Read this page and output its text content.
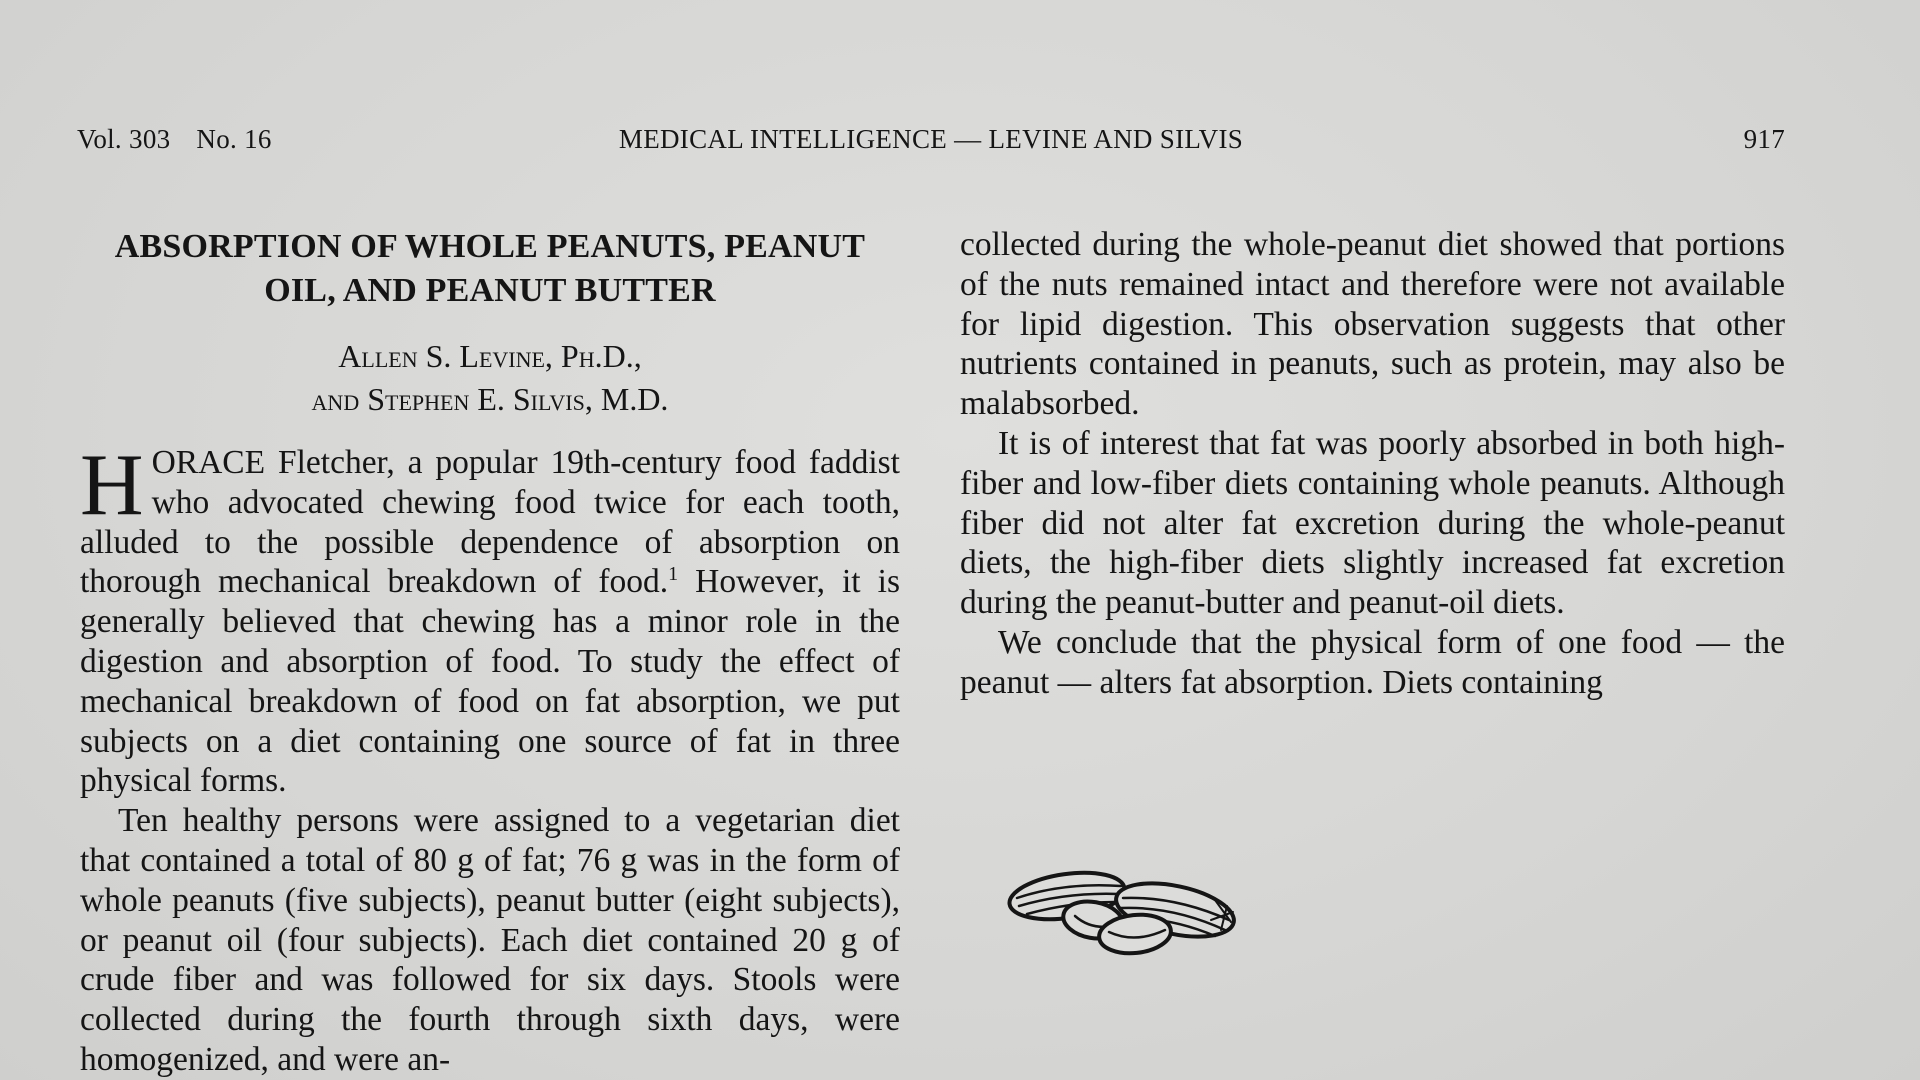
Vol. 303 No. 16	MEDICAL INTELLIGENCE — LEVINE AND SILVIS	917
ABSORPTION OF WHOLE PEANUTS, PEANUT OIL, AND PEANUT BUTTER
Allen S. Levine, Ph.D.,
and Stephen E. Silvis, M.D.

HORACE Fletcher, a popular 19th-century food faddist who advocated chewing food twice for each tooth, alluded to the possible dependence of absorption on thorough mechanical breakdown of food.$^1$ However, it is generally believed that chewing has a minor role in the digestion and absorption of food. To study the effect of mechanical breakdown of food on fat absorption, we put subjects on a diet containing one source of fat in three physical forms.

Ten healthy persons were assigned to a vegetarian diet that contained a total of 80 g of fat; 76 g was in the form of whole peanuts (five subjects), peanut butter (eight subjects), or peanut oil (four subjects). Each diet contained 20 g of crude fiber and was followed for six days. Stools were collected during the fourth through sixth days, were homogenized, and were an-

collected during the whole-peanut diet showed that portions of the nuts remained intact and therefore were not available for lipid digestion. This observation suggests that other nutrients contained in peanuts, such as protein, may also be malabsorbed.

It is of interest that fat was poorly absorbed in both high-fiber and low-fiber diets containing whole peanuts. Although fiber did not alter fat excretion during the whole-peanut diets, the high-fiber diets slightly increased fat excretion during the peanut-butter and peanut-oil diets.

We conclude that the physical form of one food — the peanut — alters fat absorption. Diets containing
